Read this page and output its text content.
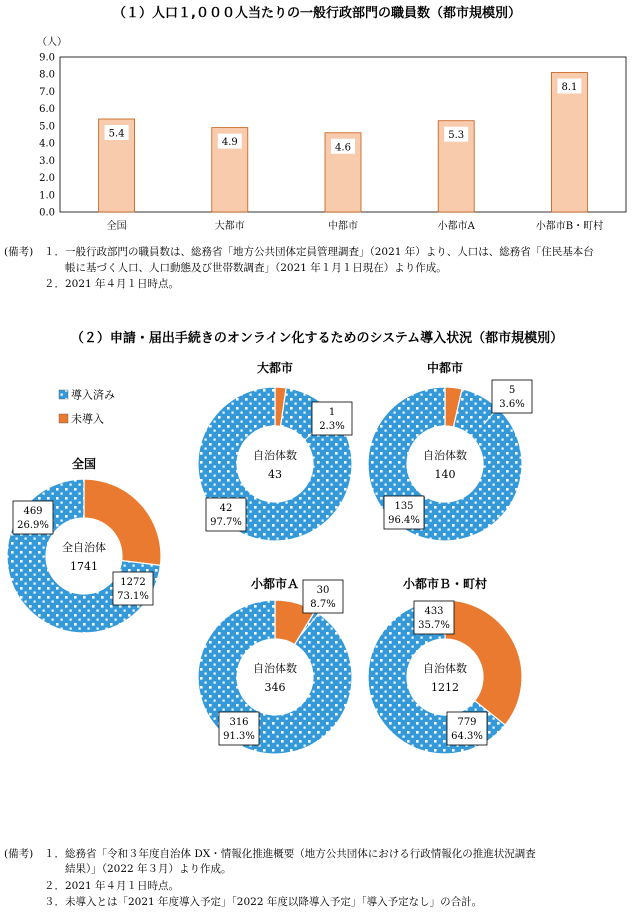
（１）人口１,０００人当たりの一般行政部門の職員数（都市規模別）
（人）
0.0
1.0
2.0
3.0
4.0
5.0
6.0
7.0
8.0
9.0
5.4
全国
4.9
大都市
4.6
中都市
5.3
小都市A
8.1
小都市B・町村
(備考) １．一般行政部門の職員数は、総務省「地方公共団体定員管理調査」（2021 年）より、人口は、総務省「住民基本台
　　帳に基づく人口、人口動態及び世帯数調査」（2021 年１月１日現在）より作成。
２．2021 年４月１日時点。
（２）申請・届出手続きのオンライン化するためのシステム導入状況（都市規模別）
導入済み
未導入
全国
全自治体
1741
1272
73.1%
469
26.9%
大都市
自治体数
43
42
97.7%
1
2.3%
中都市
自治体数
140
135
96.4%
5
3.6%
小都市Ａ
自治体数
346
316
91.3%
30
8.7%
小都市Ｂ・町村
自治体数
1212
779
64.3%
433
35.7%
(備考) １．総務省「令和３年度自治体 DX・情報化推進概要（地方公共団体における行政情報化の推進状況調査
　　結果）」（2022 年３月）より作成。
２．2021 年４月１日時点。
３．未導入とは「2021 年度導入予定」「2022 年度以降導入予定」「導入予定なし」の合計。
